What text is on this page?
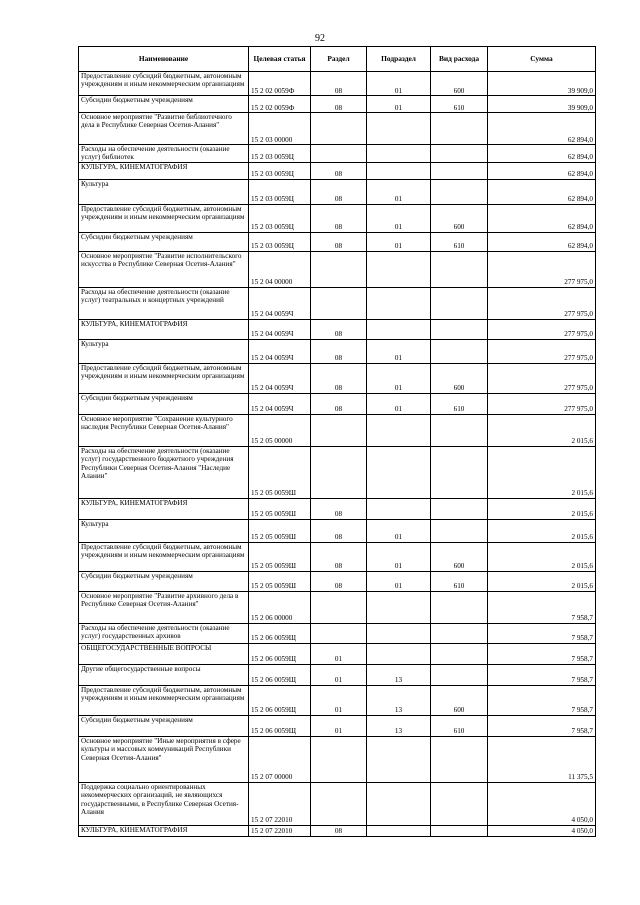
92
Наименование	Целевая статья	Раздел	Подраздел	Вид расхода	Сумма
Предоставление субсидий бюджетным, автономным учреждениям и иным некоммерческим организациям	15 2 02 0059Ф	08	01	600	39 909,0
Субсидии бюджетным учреждениям	15 2 02 0059Ф	08	01	610	39 909,0
Основное мероприятие "Развитие библиотечного дела в Республике Северная Осетия-Алания"	15 2 03 00000				62 894,0
Расходы на обеспечение деятельности (оказание услуг) библиотек	15 2 03 0059Ц				62 894,0
КУЛЬТУРА, КИНЕМАТОГРАФИЯ	15 2 03 0059Ц	08			62 894,0
Культура	15 2 03 0059Ц	08	01		62 894,0
Предоставление субсидий бюджетным, автономным учреждениям и иным некоммерческим организациям	15 2 03 0059Ц	08	01	600	62 894,0
Субсидии бюджетным учреждениям	15 2 03 0059Ц	08	01	610	62 894,0
Основное мероприятие "Развитие исполнительского искусства в Республике Северная Осетия-Алания"	15 2 04 00000				277 975,0
Расходы на обеспечение деятельности (оказание услуг) театральных и концертных учреждений	15 2 04 0059Ч				277 975,0
КУЛЬТУРА, КИНЕМАТОГРАФИЯ	15 2 04 0059Ч	08			277 975,0
Культура	15 2 04 0059Ч	08	01		277 975,0
Предоставление субсидий бюджетным, автономным учреждениям и иным некоммерческим организациям	15 2 04 0059Ч	08	01	600	277 975,0
Субсидии бюджетным учреждениям	15 2 04 0059Ч	08	01	610	277 975,0
Основное мероприятие "Сохранение культурного наследия Республики Северная Осетия-Алания"	15 2 05 00000				2 015,6
Расходы на обеспечение деятельности (оказание услуг) государственного бюджетного учреждения Республики Северная Осетия-Алания "Наследие Алании"	15 2 05 0059Ш				2 015,6
КУЛЬТУРА, КИНЕМАТОГРАФИЯ	15 2 05 0059Ш	08			2 015,6
Культура	15 2 05 0059Ш	08	01		2 015,6
Предоставление субсидий бюджетным, автономным учреждениям и иным некоммерческим организациям	15 2 05 0059Ш	08	01	600	2 015,6
Субсидии бюджетным учреждениям	15 2 05 0059Ш	08	01	610	2 015,6
Основное мероприятие "Развитие архивного дела в Республике Северная Осетия-Алания"	15 2 06 00000				7 958,7
Расходы на обеспечение деятельности (оказание услуг) государственных архивов	15 2 06 0059Щ				7 958,7
ОБЩЕГОСУДАРСТВЕННЫЕ ВОПРОСЫ	15 2 06 0059Щ	01			7 958,7
Другие общегосударственные вопросы	15 2 06 0059Щ	01	13		7 958,7
Предоставление субсидий бюджетным, автономным учреждениям и иным некоммерческим организациям	15 2 06 0059Щ	01	13	600	7 958,7
Субсидии бюджетным учреждениям	15 2 06 0059Щ	01	13	610	7 958,7
Основное мероприятие "Иные мероприятия в сфере культуры и массовых коммуникаций Республики Северная Осетия-Алания"	15 2 07 00000				11 375,5
Поддержка социально ориентированных некоммерческих организаций, не являющихся государственными, в Республике Северная Осетия-Алания	15 2 07 22010				4 050,0
КУЛЬТУРА, КИНЕМАТОГРАФИЯ	15 2 07 22010	08			4 050,0
